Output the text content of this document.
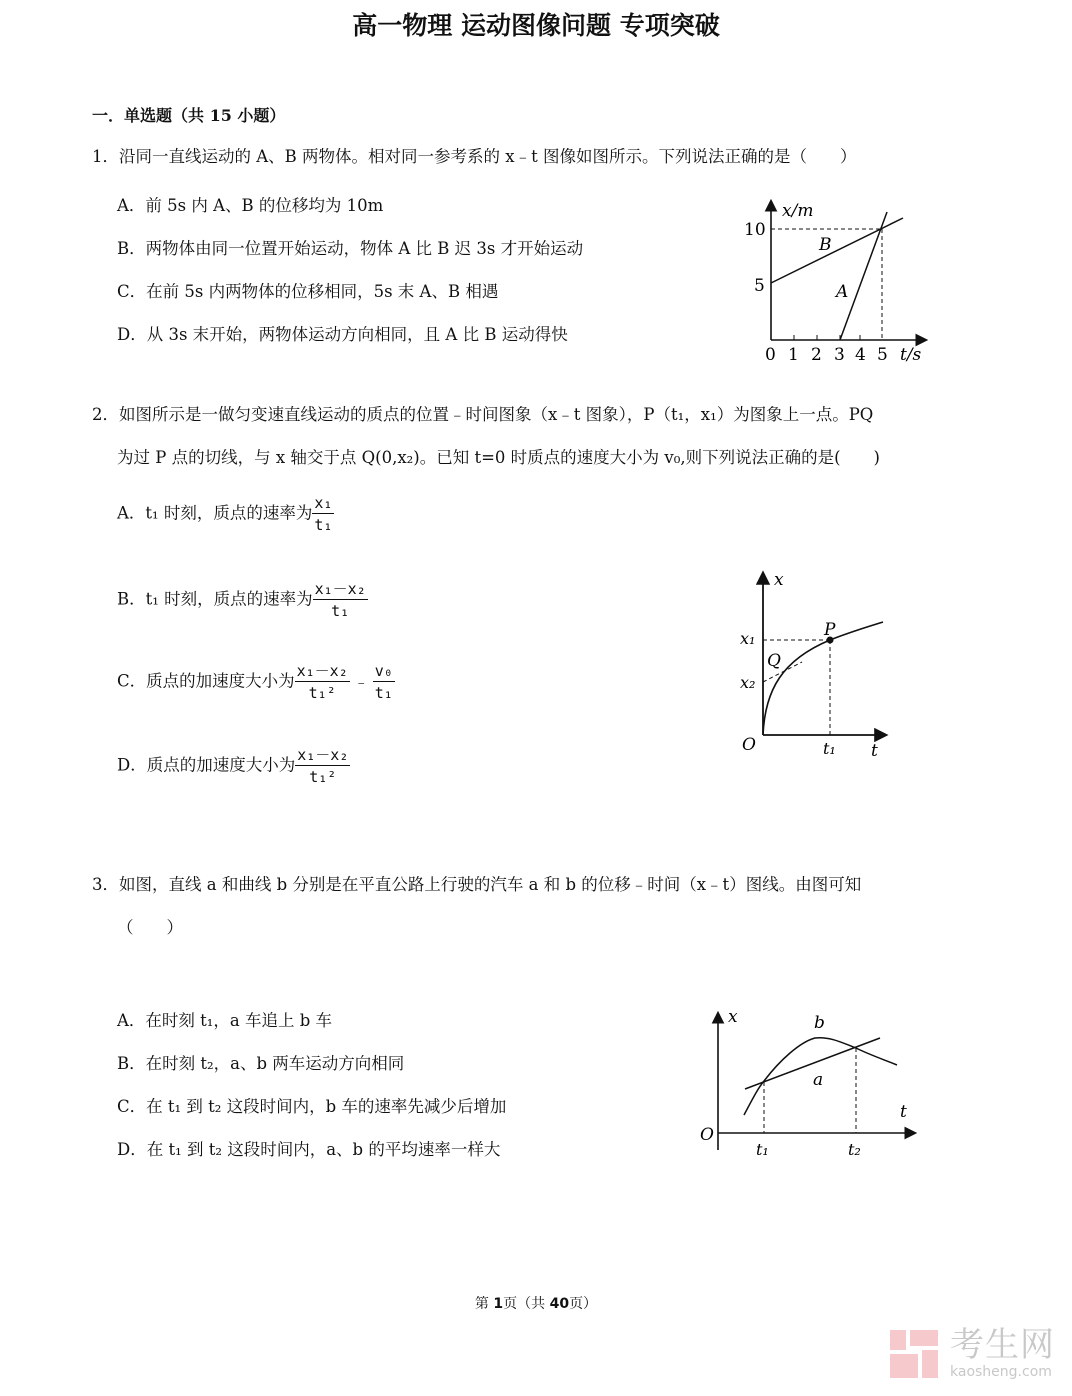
高一物理 运动图像问题 专项突破
一．单选题（共 15 小题）
1．沿同一直线运动的 A、B 两物体。相对同一参考系的 x﹣t 图像如图所示。下列说法正确的是（　　）
A．前 5s 内 A、B 的位移均为 10m
B．两物体由同一位置开始运动，物体 A 比 B 迟 3s 才开始运动
C．在前 5s 内两物体的位移相同，5s 末 A、B 相遇
D．从 3s 末开始，两物体运动方向相同，且 A 比 B 运动得快
x/m
10
5
B
A
0 1 2 3 4 5 t/s
2．如图所示是一做匀变速直线运动的质点的位置﹣时间图象（x﹣t 图象），P（t₁，x₁）为图象上一点。PQ
为过 P 点的切线，与 x 轴交于点 Q(0,x₂)。已知 t=0 时质点的速度大小为 v₀,则下列说法正确的是(　　)
A．t₁ 时刻，质点的速率为 $\frac{\text{x₁}}{\text{t₁}}$
B．t₁ 时刻，质点的速率为 $\frac{\text{x₁－x₂}}{\text{t₁}}$
C．质点的加速度大小为 $\frac{\text{x₁－x₂}}{\text{t₁²}}$ ﹣ $\frac{\text{v₀}}{\text{t₁}}$
D．质点的加速度大小为 $\frac{\text{x₁－x₂}}{\text{t₁²}}$
x
P
Q
x₁
x₂
O	t₁ t
3．如图，直线 a 和曲线 b 分别是在平直公路上行驶的汽车 a 和 b 的位移﹣时间（x﹣t）图线。由图可知
（　　）
A．在时刻 t₁，a 车追上 b 车
B．在时刻 t₂，a、b 两车运动方向相同
C．在 t₁ 到 t₂ 这段时间内，b 车的速率先减少后增加
D．在 t₁ 到 t₂ 这段时间内，a、b 的平均速率一样大
x	b
a
t
O
t₁	t₂
第 1页（共 40页）
考生网
kaosheng.com
